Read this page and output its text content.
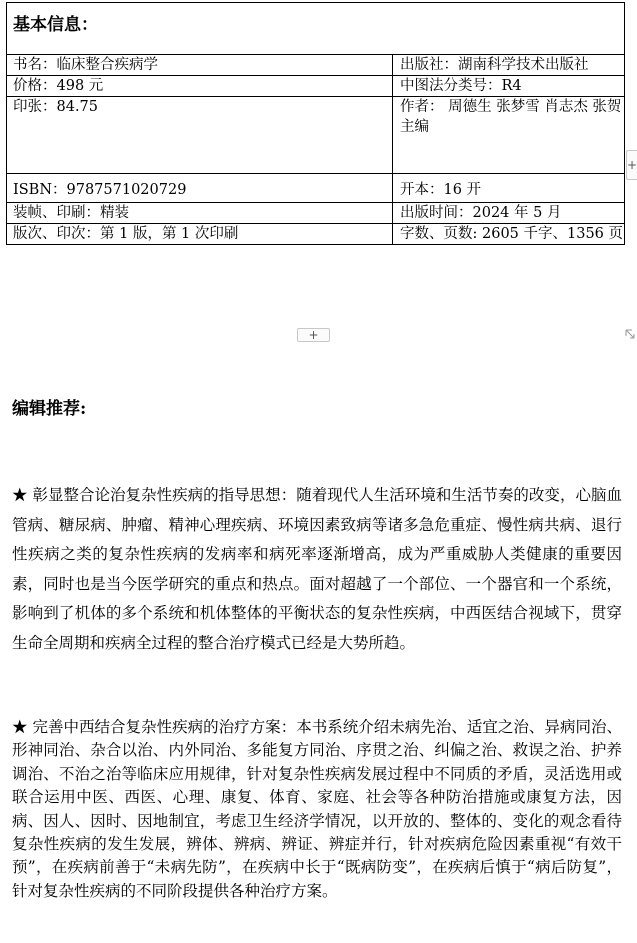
基本信息：	
书名：临床整合疾病学	出版社：湖南科学技术出版社
价格：498 元	中图法分类号：R4
印张：84.75	作者： 周德生 张梦雪 肖志杰 张贺主编
ISBN：9787571020729	开本：16 开
装帧、印刷：精装	出版时间：2024 年 5 月
版次、印次：第 1 版，第 1 次印刷	字数、页数: 2605 千字、1356 页
+
+
编辑推荐:
★ 彰显整合论治复杂性疾病的指导思想：随着现代人生活环境和生活节奏的改变，心脑血管病、糖尿病、肿瘤、精神心理疾病、环境因素致病等诸多急危重症、慢性病共病、退行性疾病之类的复杂性疾病的发病率和病死率逐渐增高，成为严重威胁人类健康的重要因素，同时也是当今医学研究的重点和热点。面对超越了一个部位、一个器官和一个系统，影响到了机体的多个系统和机体整体的平衡状态的复杂性疾病，中西医结合视域下，贯穿生命全周期和疾病全过程的整合治疗模式已经是大势所趋。
★ 完善中西结合复杂性疾病的治疗方案：本书系统介绍未病先治、适宜之治、异病同治、形神同治、杂合以治、内外同治、多能复方同治、序贯之治、纠偏之治、救误之治、护养调治、不治之治等临床应用规律，针对复杂性疾病发展过程中不同质的矛盾，灵活选用或联合运用中医、西医、心理、康复、体育、家庭、社会等各种防治措施或康复方法，因病、因人、因时、因地制宜，考虑卫生经济学情况，以开放的、整体的、变化的观念看待复杂性疾病的发生发展，辨体、辨病、辨证、辨症并行，针对疾病危险因素重视“有效干预”，在疾病前善于“未病先防”，在疾病中长于“既病防变”，在疾病后慎于“病后防复”，针对复杂性疾病的不同阶段提供各种治疗方案。
